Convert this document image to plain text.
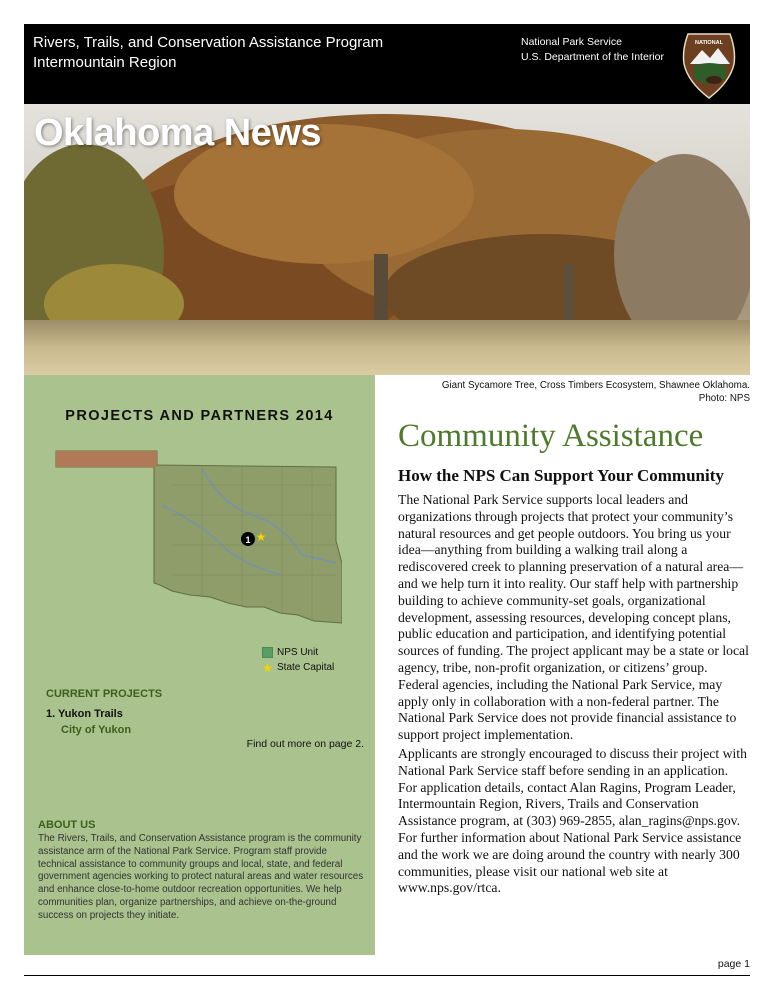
Rivers, Trails, and Conservation Assistance Program
Intermountain Region
National Park Service
U.S. Department of the Interior
NATIONAL
Oklahoma News
Giant Sycamore Tree, Cross Timbers Ecosystem, Shawnee Oklahoma.
Photo: NPS
PROJECTS AND PARTNERS 2014
1 ★
NPS Unit
★ State Capital
CURRENT PROJECTS
1. Yukon Trails
City of Yukon
Find out more on page 2.
ABOUT US
The Rivers, Trails, and Conservation Assistance program is the community assistance arm of the National Park Service. Program staff provide technical assistance to community groups and local, state, and federal government agencies working to protect natural areas and water resources and enhance close-to-home outdoor recreation opportunities. We help communities plan, organize partnerships, and achieve on-the-ground success on projects they initiate.
Community Assistance
How the NPS Can Support Your Community
The National Park Service supports local leaders and organizations through projects that protect your community’s natural resources and get people outdoors. You bring us your idea—anything from building a walking trail along a rediscovered creek to planning preservation of a natural area—and we help turn it into reality. Our staff help with partnership building to achieve community-set goals, organizational development, assessing resources, developing concept plans, public education and participation, and identifying potential sources of funding. The project applicant may be a state or local agency, tribe, non-profit organization, or citizens’ group. Federal agencies, including the National Park Service, may apply only in collaboration with a non-federal partner. The National Park Service does not provide financial assistance to support project implementation.
Applicants are strongly encouraged to discuss their project with National Park Service staff before sending in an application. For application details, contact Alan Ragins, Program Leader, Intermountain Region, Rivers, Trails and Conservation Assistance program, at (303) 969-2855, alan_ragins@nps.gov. For further information about National Park Service assistance and the work we are doing around the country with nearly 300 communities, please visit our national web site at www.nps.gov/rtca.
page 1
